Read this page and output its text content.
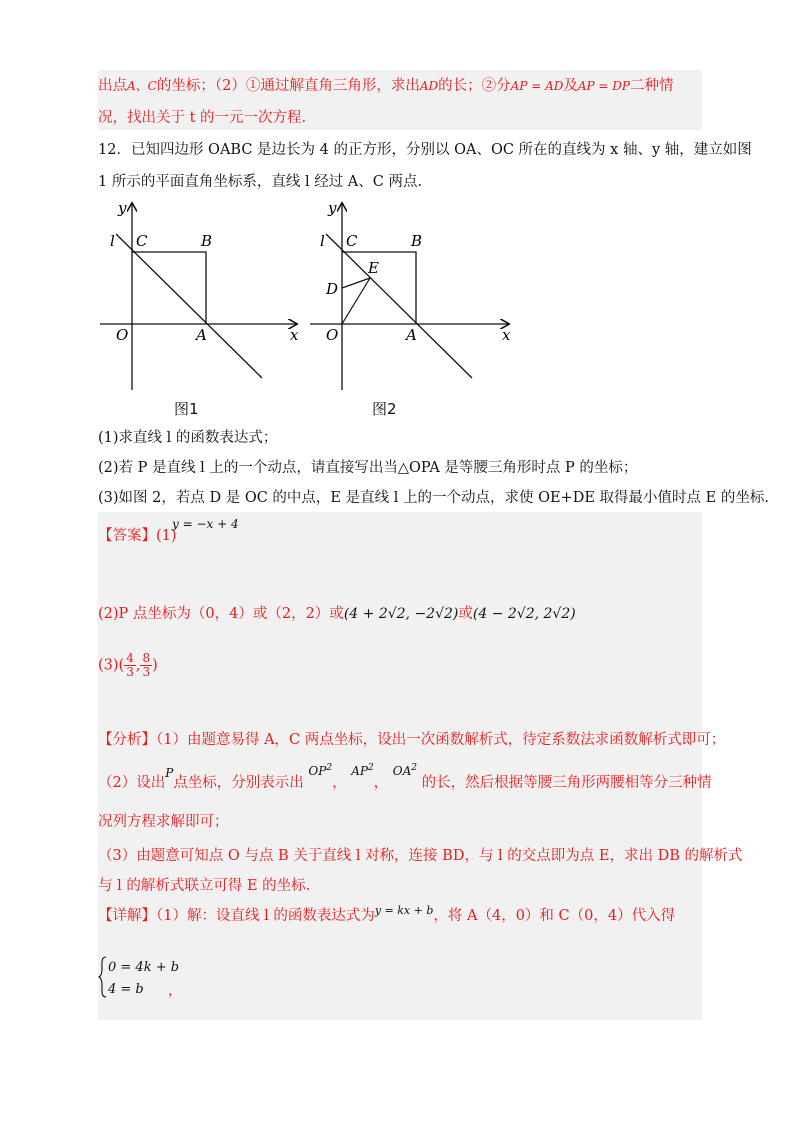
出点A、C的坐标；（2）①通过解直角三角形，求出AD的长；②分AP = AD及AP = DP二种情
况，找出关于 t 的一元一次方程.
12．已知四边形 OABC 是边长为 4 的正方形，分别以 OA、OC 所在的直线为 x 轴、y 轴，建立如图
1 所示的平面直角坐标系，直线 l 经过 A、C 两点.
y
l C	B
O	A	x
图1
y
l C	B
E
D
O	A	x
图2
(1)求直线 l 的函数表达式；
(2)若 P 是直线 l 上的一个动点，请直接写出当△OPA 是等腰三角形时点 P 的坐标；
(3)如图 2，若点 D 是 OC 的中点，E 是直线 l 上的一个动点，求使 OE+DE 取得最小值时点 E 的坐标.
【答案】(1)
y = −x + 4
(2)P 点坐标为（0，4）或（2，2）或(4 + 2√2, −2√2)或(4 − 2√2, 2√2)
$(3)( \frac{4}{3}$ , $\frac{8}{3}$ )
【分析】（1）由题意易得 A，C 两点坐标，设出一次函数解析式，待定系数法求函数解析式即可；
（2）设出$^P$点坐标，分别表示出 $^{OP^2}$， $^{AP^2}$， $^{OA^2}$ 的长，然后根据等腰三角形两腰相等分三种情
况列方程求解即可；
（3）由题意可知点 O 与点 B 关于直线 l 对称，连接 BD，与 l 的交点即为点 E，求出 DB 的解析式
与 l 的解析式联立可得 E 的坐标.
【详解】（1）解：设直线 l 的函数表达式为$^{y = kx + b}$，将 A（4，0）和 C（0，4）代入得
0 = 4k + b
4 = b ，
